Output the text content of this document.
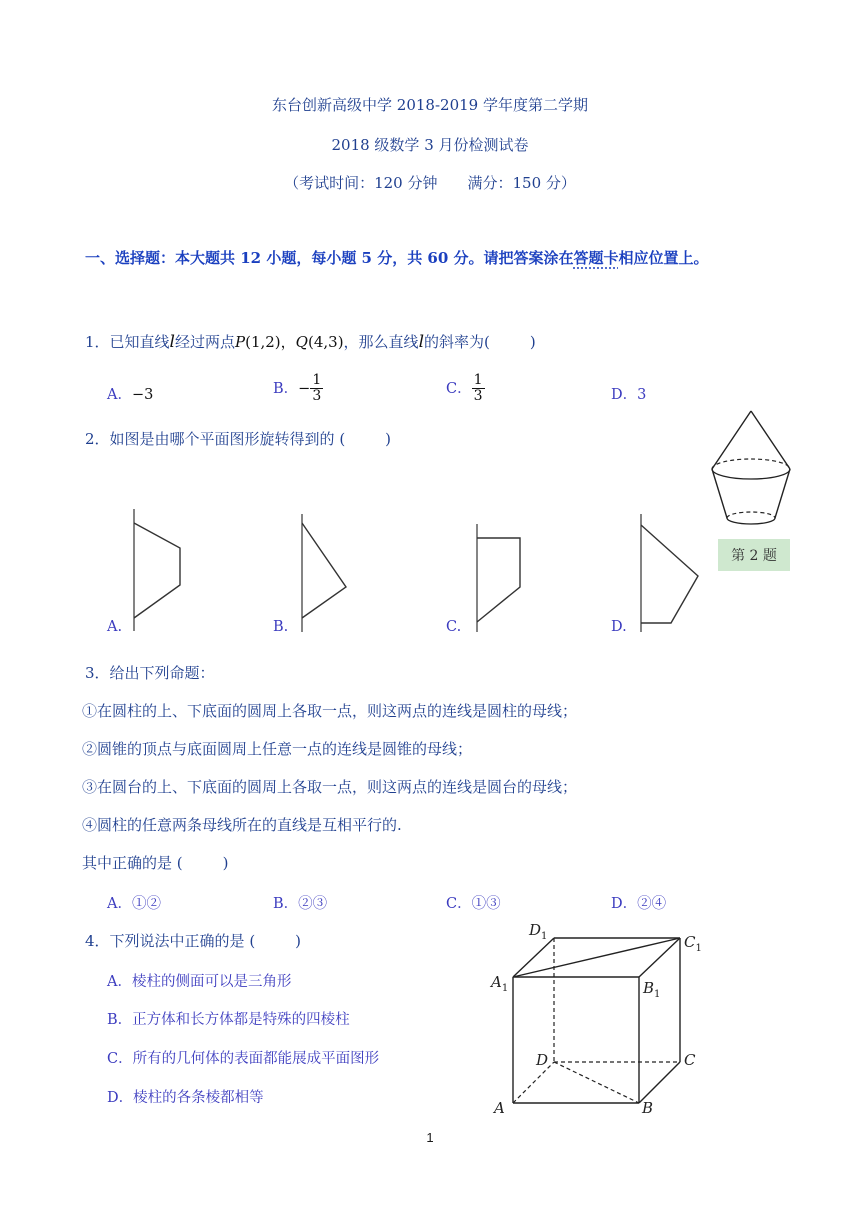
东台创新高级中学 2018-2019 学年度第二学期
2018 级数学 3 月份检测试卷
（考试时间：120 分钟　　满分：150 分）
一、选择题：本大题共 12 小题，每小题 5 分，共 60 分。请把答案涂在答题卡相应位置上。
1．已知直线l经过两点P(1,2)，Q(4,3)，那么直线l的斜率为(	)
A．−3	B．− $\frac{1}{3}$	C． $\frac{1}{3}$	D．3
2．如图是由哪个平面图形旋转得到的 (	)
第 2 题
A.	B.	C.	D.
3．给出下列命题：
①在圆柱的上、下底面的圆周上各取一点，则这两点的连线是圆柱的母线；
②圆锥的顶点与底面圆周上任意一点的连线是圆锥的母线；
③在圆台的上、下底面的圆周上各取一点，则这两点的连线是圆台的母线；
④圆柱的任意两条母线所在的直线是互相平行的.
其中正确的是 (	)
A．①②	B．②③	C．①③	D．②④
4．下列说法中正确的是 (	)
A．棱柱的侧面可以是三角形
B．正方体和长方体都是特殊的四棱柱
C．所有的几何体的表面都能展成平面图形
D．棱柱的各条棱都相等
$D_1$	$C_1$
$A_1$	$B_1$
D	C
A	B
1
